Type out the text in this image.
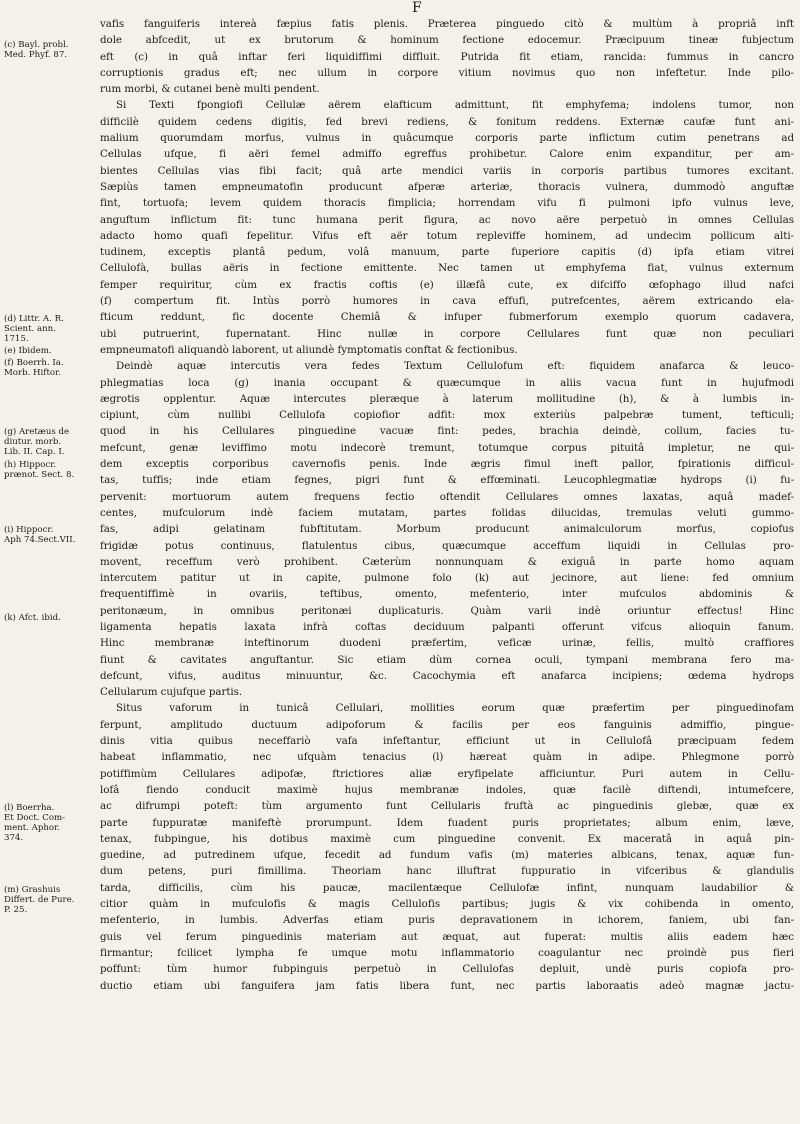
F
(c) Bayl. probl.
Med. Phyf. 87.
(d) Littr. A. R.
Scient. ann.
1715.
(e) Ibidem.
(f) Boerrh. Ia.
Morb. Hiftor.
(g) Aretæus de
diutur. morb.
Lib. II. Cap. I.
(h) Hippocr.
prænot. Sect. 8.
(i) Hippocr.
Aph 74.Sect.VII.
(k) Afct. ibid.
(l) Boerrha.
Et Doct. Com-
ment. Aphor.
374.
(m) Grashuis
Differt. de Pure.
P. 25.
vafis fanguiferis intereà fæpius fatis plenis. Præterea pinguedo citò & multùm à propriâ inft
dole abfcedit, ut ex brutorum & hominum fectione edocemur. Præcipuum tineæ fubjectum
eft (c) in quâ inftar feri liquidiffimi diffluit. Putrida fit etiam, rancida: fummus in cancro
corruptionis gradus eft; nec ullum in corpore vitium novimus quo non infeftetur. Inde pilo-
rum morbi, & cutanei benè multi pendent.
Si Texti fpongiofi Cellulæ aërem elafticum admittunt, fit emphyfema; indolens tumor, non
difficilè quidem cedens digitis, fed brevi rediens, & fonitum reddens. Externæ caufæ funt ani-
malium quorumdam morfus, vulnus in quâcumque corporis parte inflictum cutim penetrans ad
Cellulas ufque, fi aëri femel admiffo egreffus prohibetur. Calore enim expanditur, per am-
bientes Cellulas vias fibi facit; quâ arte mendici variis in corporis partibus tumores excitant.
Sæpiùs tamen empneumatofin producunt afperæ arteriæ, thoracis vulnera, dummodò anguftæ
fint, tortuofa; levem quidem thoracis fimplicia; horrendam vifu fi pulmoni ipfo vulnus leve,
anguftum inflictum fit: tunc humana perit figura, ac novo aëre perpetuò in omnes Cellulas
adacto homo quafi fepelitur. Vifus eft aër totum repleviffe hominem, ad undecim pollicum alti-
tudinem, exceptis plantâ pedum, volâ manuum, parte fuperiore capitis (d) ipfa etiam vitrei
Cellulofà, bullas aëris in fectione emittente. Nec tamen ut emphyfema fiat, vulnus externum
femper requiritur, cùm ex fractis coftis (e) illæfâ cute, ex difciffo œfophago illud nafci
(f) compertum fit. Intùs porrò humores in cava effufi, putrefcentes, aërem extricando ela-
fticum reddunt, fic docente Chemiâ & infuper fubmerforum exemplo quorum cadavera,
ubi putruerint, fupernatant. Hinc nullæ in corpore Cellulares funt quæ non peculiari
empneumatofi aliquandò laborent, ut aliundè fymptomatis conftat & fectionibus.
Deindè aquæ intercutis vera fedes Textum Cellulofum eft: fiquidem anafarca & leuco-
phlegmatias loca (g) inania occupant & quæcumque in aliis vacua funt in hujufmodi
ægrotis opplentur. Aquæ intercutes pleræque à laterum mollitudine (h), & à lumbis in-
cipiunt, cùm nullibi Cellulofa copiofior adfit: mox exteriùs palpebræ tument, tefticuli;
quod in his Cellulares pinguedine vacuæ fint: pedes, brachia deindè, collum, facies tu-
mefcunt, genæ leviffimo motu indecorè tremunt, totumque corpus pituitâ impletur, ne qui-
dem exceptis corporibus cavernofis penis. Inde ægris fimul ineft pallor, fpirationis difficul-
tas, tuffis; inde etiam fegnes, pigri funt & effœminati. Leucophlegmatiæ hydrops (i) fu-
pervenit: mortuorum autem frequens fectio oftendit Cellulares omnes laxatas, aquâ madef-
centes, mufculorum indè faciem mutatam, partes folidas dilucidas, tremulas veluti gummo-
fas, adipi gelatinam fubftitutam. Morbum producunt animalculorum morfus, copiofus
frigidæ potus continuus, flatulentus cibus, quæcumque acceffum liquidi in Cellulas pro-
movent, receffum verò prohibent. Cæterùm nonnunquam & exiguâ in parte homo aquam
intercutem patitur ut in capite, pulmone folo (k) aut jecinore, aut liene: fed omnium
frequentiffimè in ovariis, teftibus, omento, mefenterio, inter mufculos abdominis &
peritonæum, in omnibus peritonæi duplicaturis. Quàm varii indè oriuntur effectus! Hinc
ligamenta hepatis laxata infrà coftas deciduum palpanti offerunt vifcus alioquin fanum.
Hinc membranæ inteftinorum duodeni præfertim, veficæ urinæ, fellis, multò craffiores
fiunt & cavitates anguftantur. Sic etiam dùm cornea oculi, tympani membrana fero ma-
defcunt, vifus, auditus minuuntur, &c. Cacochymia eft anafarca incipiens; œdema hydrops
Cellularum cujufque partis.
Situs vaforum in tunicâ Cellulari, mollities eorum quæ præfertim per pinguedinofam
ferpunt, amplitudo ductuum adipoforum & facilis per eos fanguinis admiffio, pingue-
dinis vitia quibus neceffariò vafa infeftantur, efficiunt ut in Cellulofâ præcipuam fedem
habeat inflammatio, nec ufquàm tenacius (l) hæreat quàm in adipe. Phlegmone porrò
potiffimùm Cellulares adipofæ, ftrictiores aliæ eryfipelate afficiuntur. Puri autem in Cellu-
lofâ fiendo conducit maximè hujus membranæ indoles, quæ facilè diftendi, intumefcere,
ac difrumpi poteft: tùm argumento funt Cellularis fruftà ac pinguedinis glebæ, quæ ex
parte fuppuratæ manifeftè prorumpunt. Idem fuadent puris proprietates; album enim, læve,
tenax, fubpingue, his dotibus maximè cum pinguedine convenit. Ex maceratâ in aquâ pin-
guedine, ad putredinem ufque, fecedit ad fundum vafis (m) materies albicans, tenax, aquæ fun-
dum petens, puri fimillima. Theoriam hanc illuftrat fuppuratio in vifceribus & glandulis
tarda, difficilis, cùm his paucæ, macilentæque Cellulofæ infint, nunquam laudabilior &
citior quàm in mufculofis & magis Cellulofis partibus; jugis & vix cohibenda in omento,
mefenterio, in lumbis. Adverfas etiam puris depravationem in ichorem, faniem, ubi fan-
guis vel ferum pinguedinis materiam aut æquat, aut fuperat: multis aliis eadem hæc
firmantur; fcilicet lympha fe umque motu inflammatorio coagulantur nec proindè pus fieri
poffunt: tùm humor fubpinguis perpetuò in Cellulofas depluit, undè puris copiofa pro-
ductio etiam ubi fanguifera jam fatis libera funt, nec partis laboraatis adeò magnæ jactu-
